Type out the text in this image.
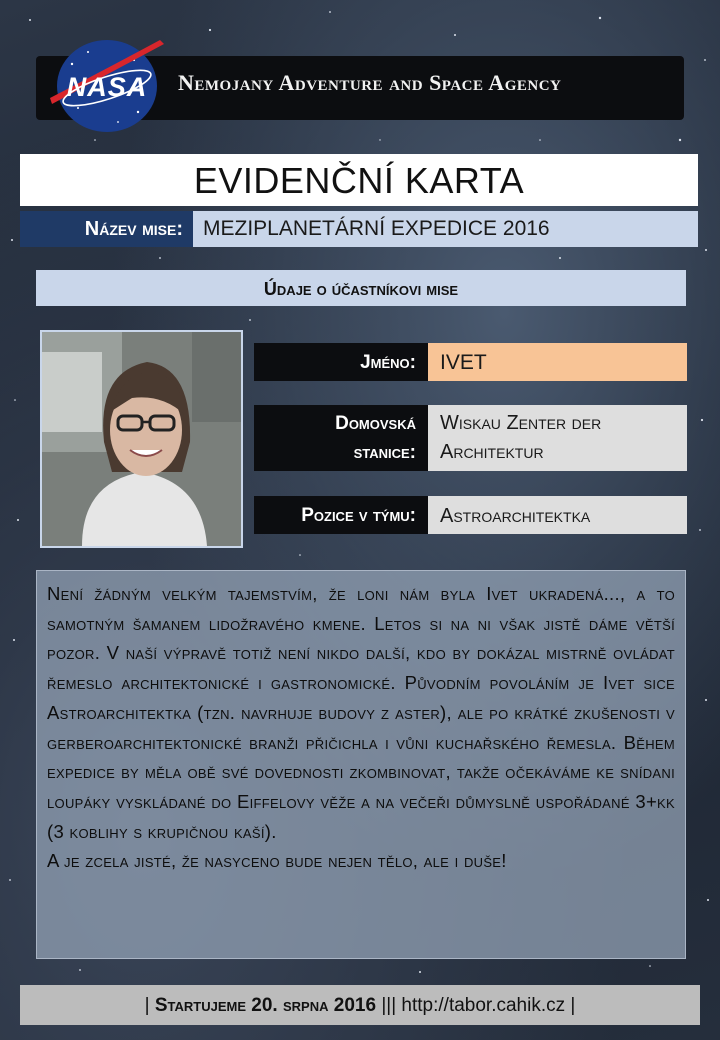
NASA Nemojany Adventure and Space Agency
EVIDENČNÍ KARTA
Název mise: MEZIPLANETÁRNÍ EXPEDICE 2016
Údaje o účastníkovi mise
Jméno:	IVET
Domovská
stanice:
Wiskau Zenter der
Architektur
Pozice v týmu:	Astroarchitektka

Není žádným velkým tajemstvím, že loni nám byla Ivet ukradená..., a to samotným šamanem lidožravého kmene. Letos si na ni však jistě dáme větší pozor. V naší výpravě totiž není nikdo další, kdo by dokázal mistrně ovládat řemeslo architektonické i gastronomické. Původním povoláním je Ivet sice Astroarchitektka (tzn. navrhuje budovy z aster), ale po krátké zkušenosti v gerberoarchitektonické branži přičichla i vůni kuchařského řemesla. Během expedice by měla obě své dovednosti zkombinovat, takže očekáváme ke snídani loupáky vyskládané do Eiffelovy věže a na večeři důmyslně uspořádané 3+kk (3 koblihy s krupičnou kaší).

A je zcela jisté, že nasyceno bude nejen tělo, ale i duše!

| Startujeme 20. srpna 2016 ||| http://tabor.cahik.cz |
